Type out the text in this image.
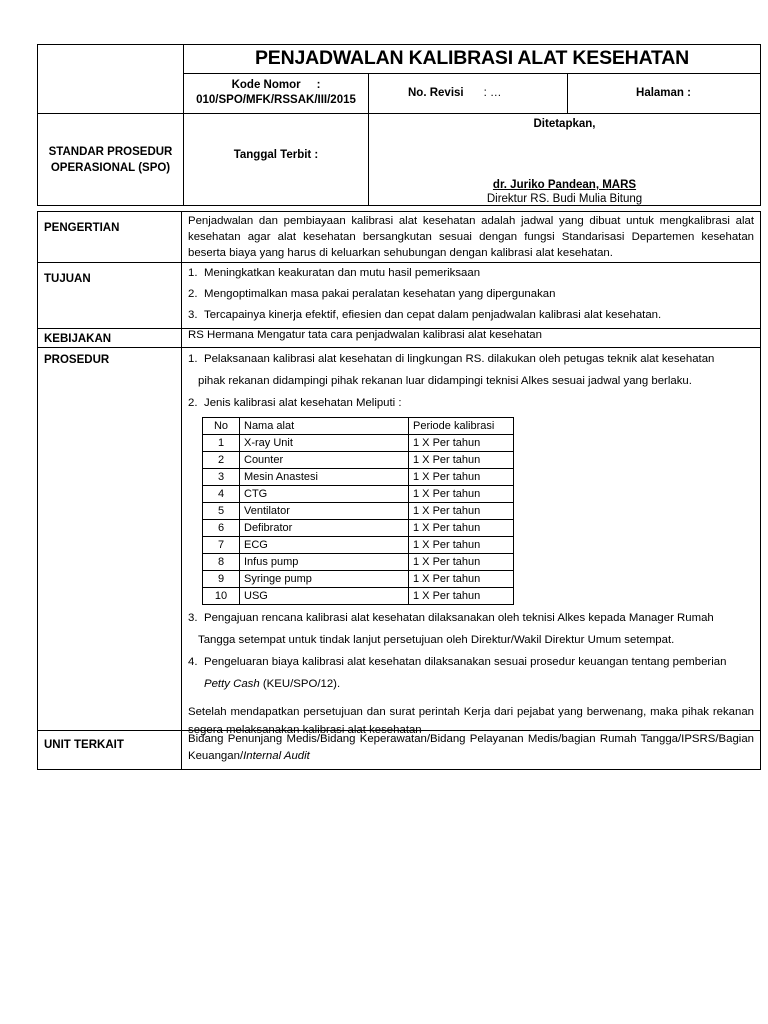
PENJADWALAN KALIBRASI ALAT KESEHATAN
Kode Nomor     :
010/SPO/MFK/RSSAK/III/2015
No. Revisi : …	Halaman :
STANDAR PROSEDUR
OPERASIONAL (SPO)
Tanggal Terbit :
Ditetapkan,
dr. Juriko Pandean, MARS
Direktur RS. Budi Mulia Bitung
PENGERTIAN
Penjadwalan dan pembiayaan kalibrasi alat kesehatan adalah jadwal yang dibuat untuk mengkalibrasi alat kesehatan agar alat kesehatan bersangkutan sesuai dengan fungsi Standarisasi Departemen kesehatan beserta biaya yang harus di keluarkan sehubungan dengan kalibrasi alat kesehatan.
TUJUAN	1. Meningkatkan keakuratan dan mutu hasil pemeriksaan
2. Mengoptimalkan masa pakai peralatan kesehatan yang dipergunakan
3. Tercapainya kinerja efektif, efiesien dan cepat dalam penjadwalan kalibrasi alat kesehatan.
KEBIJAKAN	RS Hermana Mengatur tata cara penjadwalan kalibrasi alat kesehatan
PROSEDUR	1. Pelaksanaan kalibrasi alat kesehatan di lingkungan RS. dilakukan oleh petugas teknik alat kesehatan
pihak rekanan didampingi pihak rekanan luar didampingi teknisi Alkes sesuai jadwal yang berlaku.
2. Jenis kalibrasi alat kesehatan Meliputi :
No	Nama alat	Periode kalibrasi
1	X-ray Unit	1 X Per tahun
2	Counter	1 X Per tahun
3	Mesin Anastesi	1 X Per tahun
4	CTG	1 X Per tahun
5	Ventilator	1 X Per tahun
6	Defibrator	1 X Per tahun
7	ECG	1 X Per tahun
8	Infus pump	1 X Per tahun
9	Syringe pump	1 X Per tahun
10	USG	1 X Per tahun
3. Pengajuan rencana kalibrasi alat kesehatan dilaksanakan oleh teknisi Alkes kepada Manager Rumah
Tangga setempat untuk tindak lanjut persetujuan oleh Direktur/Wakil Direktur Umum setempat.
4. Pengeluaran biaya kalibrasi alat kesehatan dilaksanakan sesuai prosedur keuangan tentang pemberian
Petty Cash (KEU/SPO/12).
Setelah mendapatkan persetujuan dan surat perintah Kerja dari pejabat yang berwenang, maka pihak rekanan segera melaksanakan kalibrasi alat kesehatan
UNIT TERKAIT	Bidang Penunjang Medis/Bidang Keperawatan/Bidang Pelayanan Medis/bagian Rumah Tangga/IPSRS/Bagian Keuangan/Internal Audit
